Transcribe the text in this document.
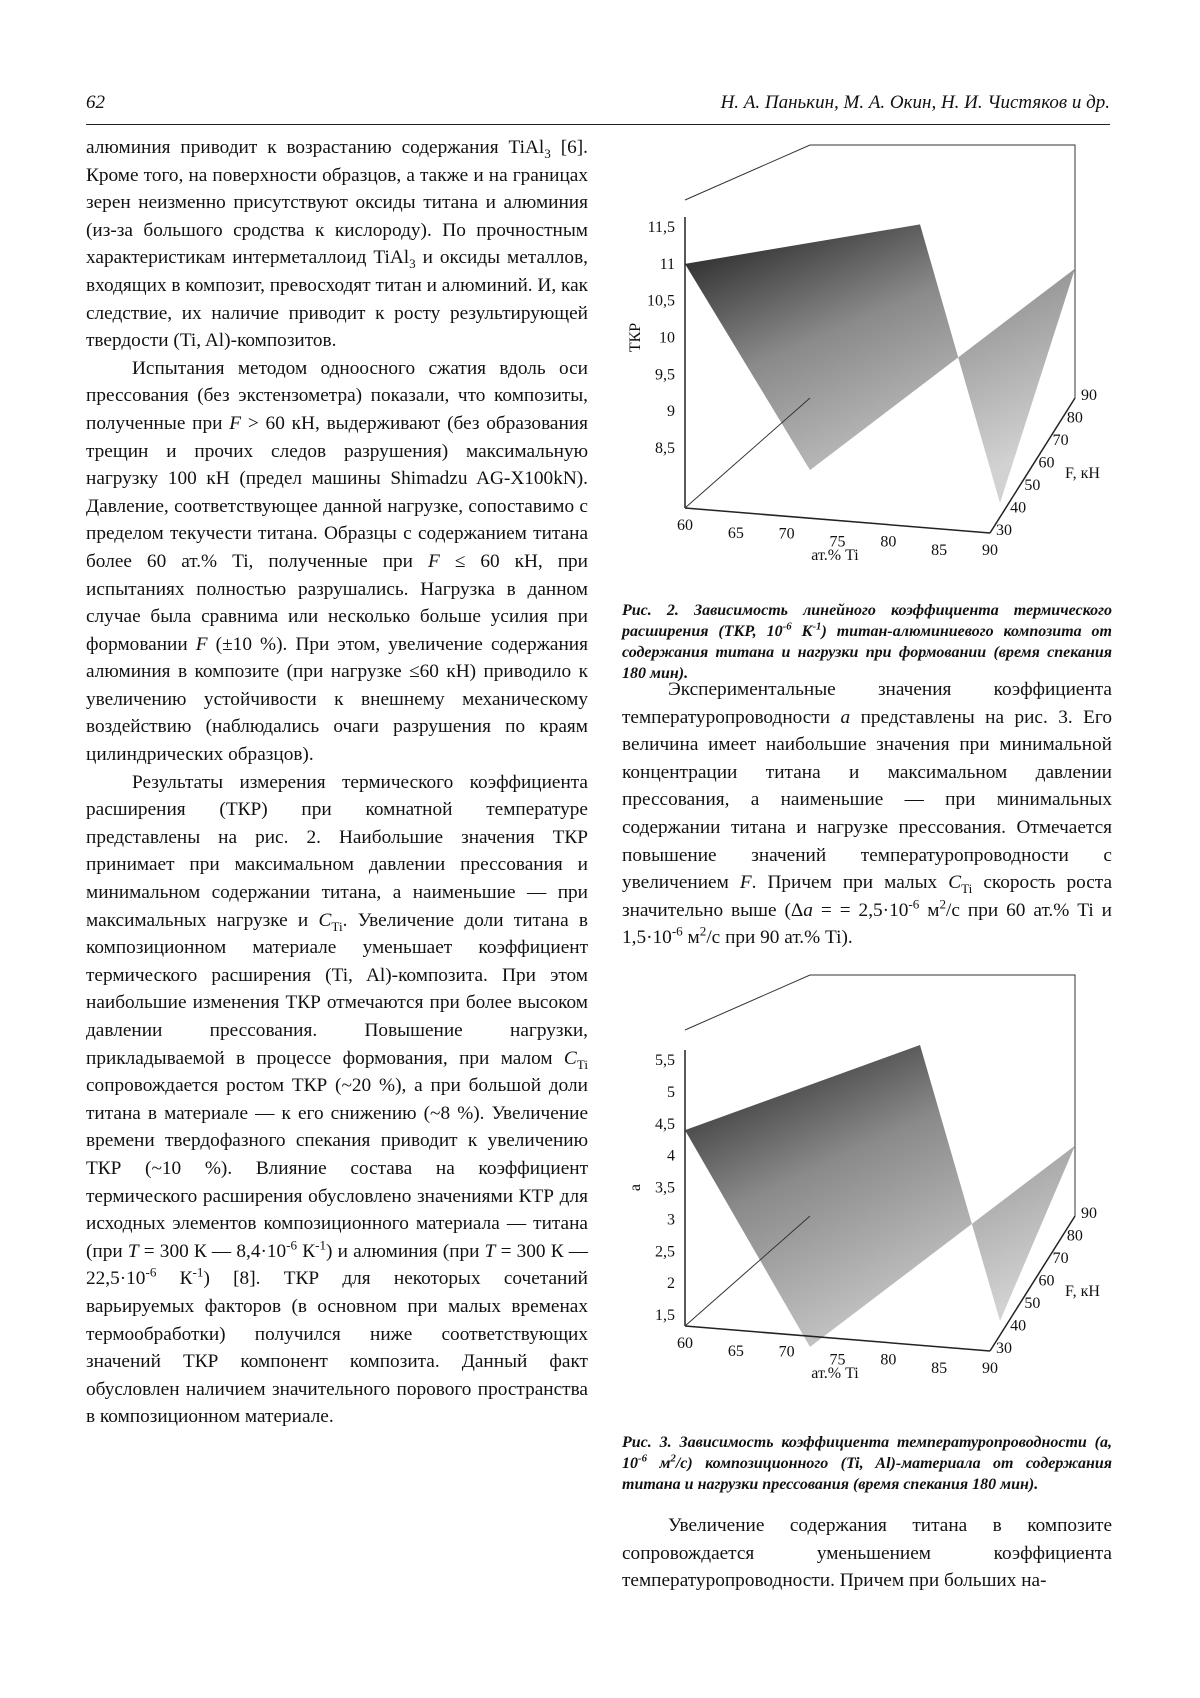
62	Н. А. Панькин, М. А. Окин, Н. И. Чистяков и др.

алюминия приводит к возрастанию содержания TiAl$_3$ [6]. Кроме того, на поверхности образцов, а также и на границах зерен неизменно присутствуют оксиды титана и алюминия (из-за большого сродства к кислороду). По прочностным характеристикам интерметаллоид TiAl$_3$ и оксиды металлов, входящих в композит, превосходят титан и алюминий. И, как следствие, их наличие приводит к росту результирующей твердости (Ti, Al)-композитов.

Испытания методом одноосного сжатия вдоль оси прессования (без экстензометра) показали, что композиты, полученные при F > 60 кН, выдерживают (без образования трещин и прочих следов разрушения) максимальную нагрузку 100 кН (предел машины Shimadzu AG-X100kN). Давление, соответствующее данной нагрузке, сопоставимо с пределом текучести титана. Образцы с содержанием титана более 60 ат.% Ti, полученные при F ≤ 60 кН, при испытаниях полностью разрушались. Нагрузка в данном случае была сравнима или несколько больше усилия при формовании F (±10 %). При этом, увеличение содержания алюминия в композите (при нагрузке ≤60 кН) приводило к увеличению устойчивости к внешнему механическому воздействию (наблюдались очаги разрушения по краям цилиндрических образцов).

Результаты измерения термического коэффициента расширения (ТКР) при комнатной температуре представлены на рис. 2. Наибольшие значения ТКР принимает при максимальном давлении прессования и минимальном содержании титана, а наименьшие — при максимальных нагрузке и $C_{Ti}$. Увеличение доли титана в композиционном материале уменьшает коэффициент термического расширения (Ti, Al)-композита. При этом наибольшие изменения ТКР отмечаются при более высоком давлении прессования. Повышение нагрузки, прикладываемой в процессе формования, при малом $C_{Ti}$ сопровождается ростом ТКР (~20 %), а при большой доли титана в материале — к его снижению (~8 %). Увеличение времени твердофазного спекания приводит к увеличению ТКР (~10 %). Влияние состава на коэффициент термического расширения обусловлено значениями КТР для исходных элементов композиционного материала — титана (при T = 300 К — $8,4\cdot 10^{-6}$ $К^{-1}$) и алюминия (при T = 300 К — $22,5\cdot 10^{-6}$ $К^{-1}$) [8]. ТКР для некоторых сочетаний варьируемых факторов (в основном при малых временах термообработки) получился ниже соответствующих значений ТКР компонент композита. Данный факт обусловлен наличием значительного порового пространства в композиционном материале.

11,5
11
10,5
10
9,5
9
8,5
60 65 70 75 80 85 90
30
40
50
60
70
80
90
ат.% Ti
F, кН
ТКР
Рис. 2. Зависимость линейного коэффициента термического расширения (ТКР, $10^{-6}$ $К^{-1}$) титан-алюминиевого композита от содержания титана и нагрузки при формовании (время спекания 180 мин).

Экспериментальные значения коэффициента температуропроводности a представлены на рис. 3. Его величина имеет наибольшие значения при минимальной концентрации титана и максимальном давлении прессования, а наименьшие — при минимальных содержании титана и нагрузке прессования. Отмечается повышение значений температуропроводности с увеличением F. Причем при малых $C_{Ti}$ скорость роста значительно выше (Δa = = $2,5\cdot 10^{-6}$ $м^2/с$ при 60 ат.% Ti и $1,5\cdot 10^{-6}$ $м^2/с$ при 90 ат.% Ti).

5,5
5
4,5
4
3,5
3
2,5
2
1,5
60 65 70 75 80 85 90
30
40
50
60
70
80
90
ат.% Ti
F, кН
a
Рис. 3. Зависимость коэффициента температуропроводности (a, $10^{-6}$ $м^2/с$) композиционного (Ti, Al)-материала от содержания титана и нагрузки прессования (время спекания 180 мин).

Увеличение содержания титана в композите сопровождается уменьшением коэффициента температуропроводности. Причем при больших на-
